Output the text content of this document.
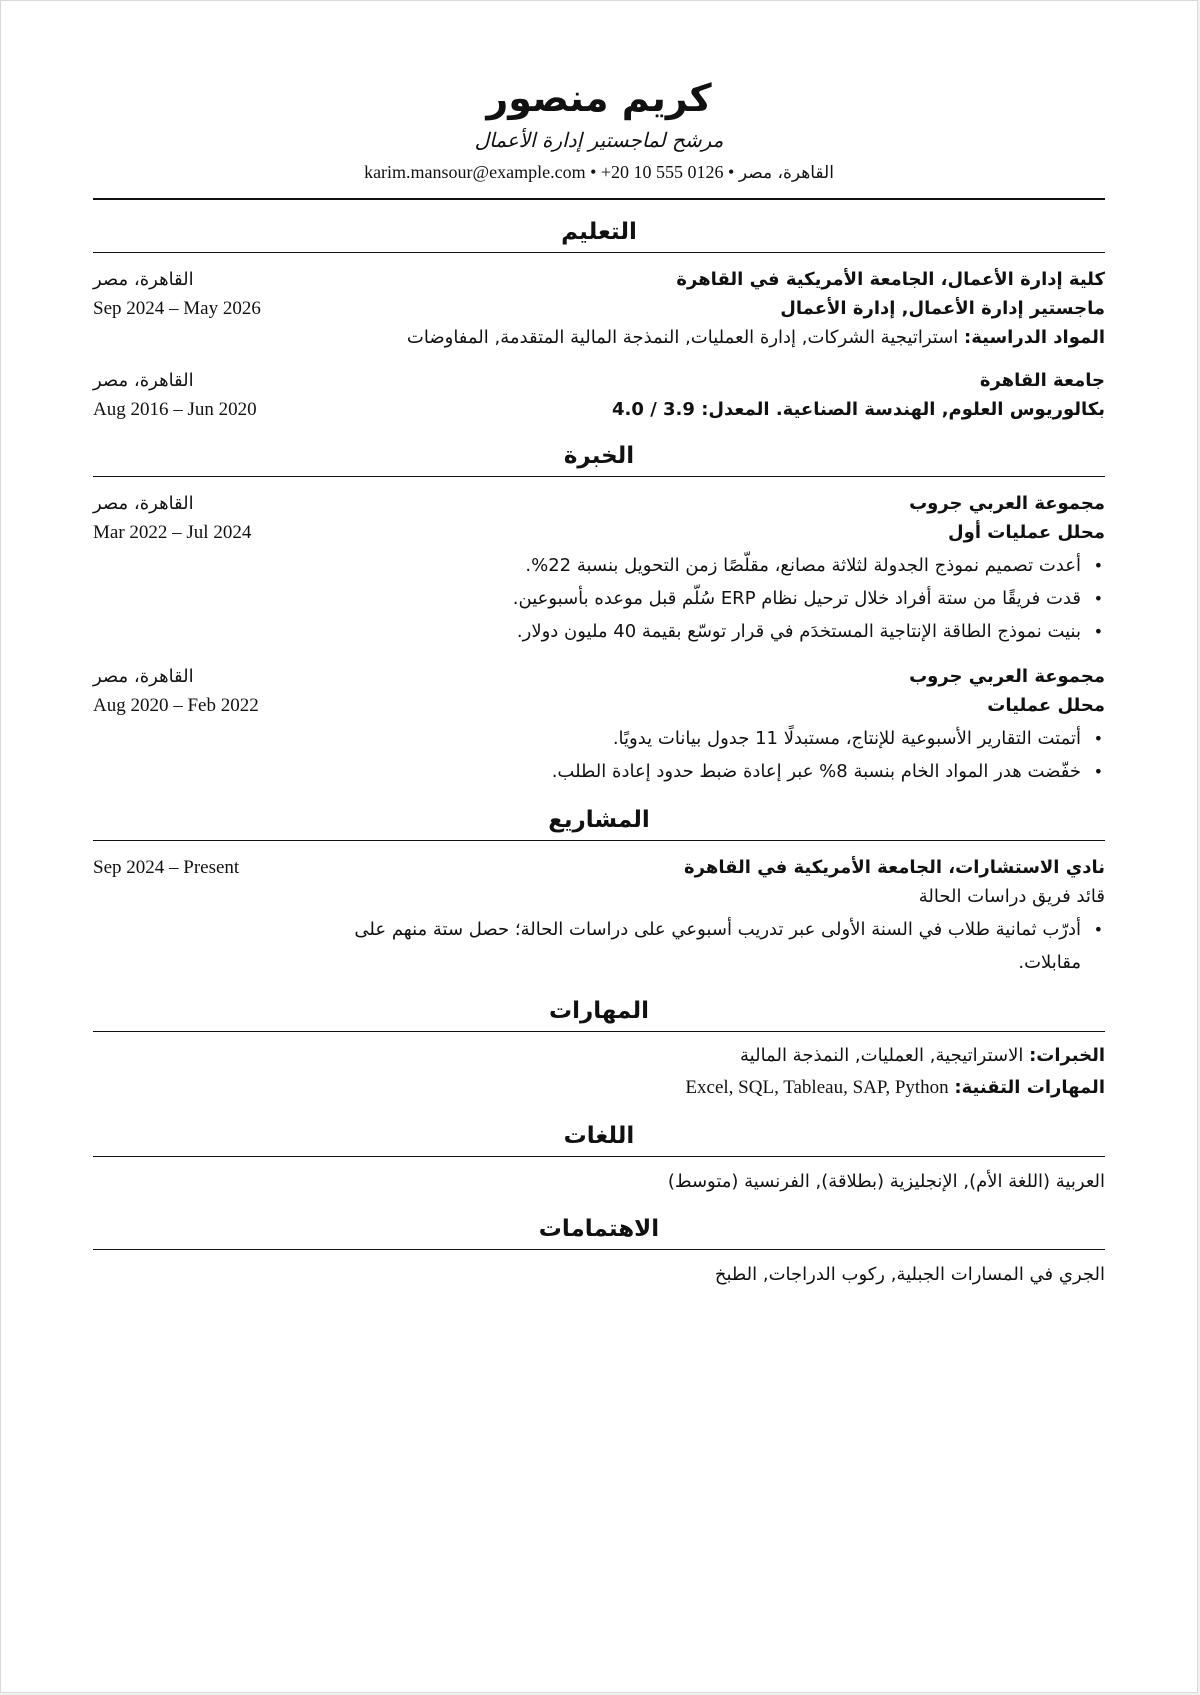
كريم منصور
مرشح لماجستير إدارة الأعمال
karim.mansour@example.com • +20 10 555 0126 • القاهرة، مصر
التعليم
كلية إدارة الأعمال، الجامعة الأمريكية في القاهرة
ماجستير إدارة الأعمال, إدارة الأعمال
المواد الدراسية: استراتيجية الشركات, إدارة العمليات, النمذجة المالية المتقدمة, المفاوضات
القاهرة، مصر
Sep 2024 – May 2026
جامعة القاهرة
بكالوريوس العلوم, الهندسة الصناعية. المعدل: 3.9 / 4.0
القاهرة، مصر
Aug 2016 – Jun 2020
الخبرة
مجموعة العربي جروب
محلل عمليات أول
• أعدت تصميم نموذج الجدولة لثلاثة مصانع، مقلّصًا زمن التحويل بنسبة 22%.
• قدت فريقًا من ستة أفراد خلال ترحيل نظام ERP سُلّم قبل موعده بأسبوعين.
• بنيت نموذج الطاقة الإنتاجية المستخدَم في قرار توسّع بقيمة 40 مليون دولار.
القاهرة، مصر
Mar 2022 – Jul 2024
مجموعة العربي جروب
محلل عمليات
• أتمتت التقارير الأسبوعية للإنتاج، مستبدلًا 11 جدول بيانات يدويًا.
• خفّضت هدر المواد الخام بنسبة 8% عبر إعادة ضبط حدود إعادة الطلب.
القاهرة، مصر
Aug 2020 – Feb 2022
المشاريع
نادي الاستشارات، الجامعة الأمريكية في القاهرة
قائد فريق دراسات الحالة
• أدرّب ثمانية طلاب في السنة الأولى عبر تدريب أسبوعي على دراسات الحالة؛ حصل ستة منهم على مقابلات.
Sep 2024 – Present
المهارات
الخبرات: الاستراتيجية, العمليات, النمذجة المالية
المهارات التقنية: Excel, SQL, Tableau, SAP, Python
اللغات
العربية (اللغة الأم), الإنجليزية (بطلاقة), الفرنسية (متوسط)
الاهتمامات
الجري في المسارات الجبلية, ركوب الدراجات, الطبخ
